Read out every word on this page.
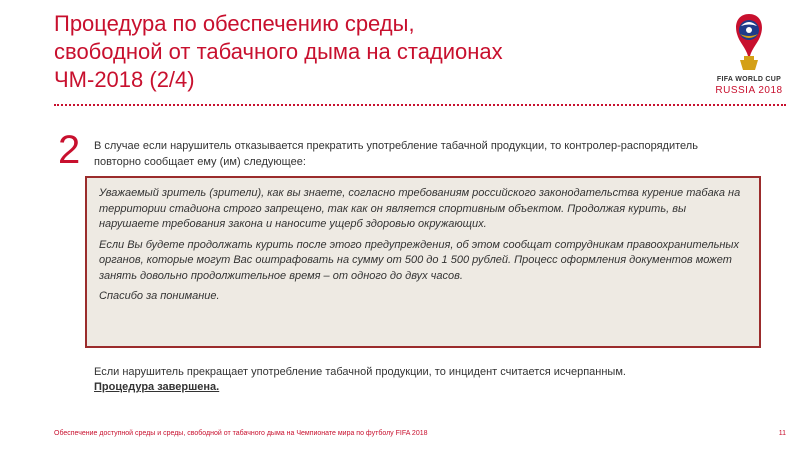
Процедура по обеспечению среды,
свободной от табачного дыма на стадионах
ЧМ-2018 (2/4)	FIFA WORLD CUP
RUSSIA 2018
2 В случае если нарушитель отказывается прекратить употребление табачной продукции, то контролер-распорядитель повторно сообщает ему (им) следующее:

Уважаемый зритель (зрители), как вы знаете, согласно требованиям российского законодательства курение табака на территории стадиона строго запрещено, так как он является спортивным объектом. Продолжая курить, вы нарушаете требования закона и наносите ущерб здоровью окружающих.

Если Вы будете продолжать курить после этого предупреждения, об этом сообщат сотрудникам правоохранительных органов, которые могут Вас оштрафовать на сумму от 500 до 1 500 рублей. Процесс оформления документов может занять довольно продолжительное время – от одного до двух часов.

Спасибо за понимание.

Если нарушитель прекращает употребление табачной продукции, то инцидент считается исчерпанным.
Процедура завершена.
Обеспечение доступной среды и среды, свободной от табачного дыма на Чемпионате мира по футболу FIFA 2018	11
